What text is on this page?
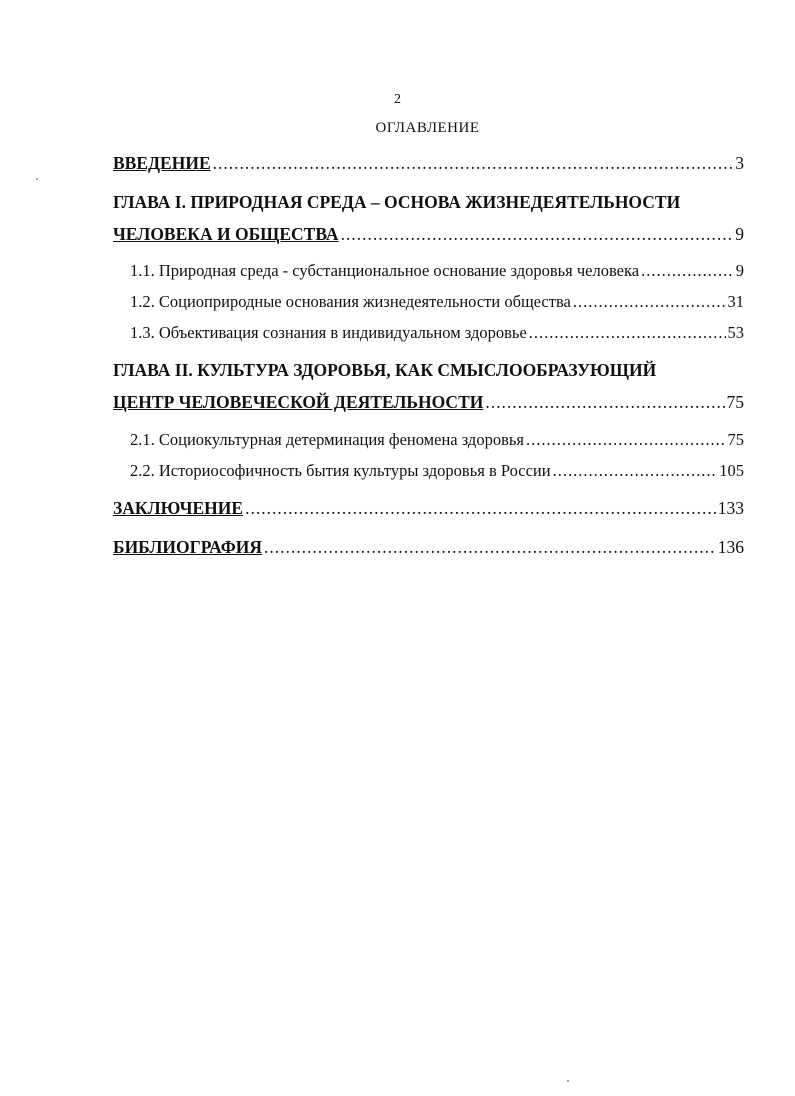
2
ОГЛАВЛЕНИЕ
ВВЕДЕНИЕ .....	3
ГЛАВА I. ПРИРОДНАЯ СРЕДА – ОСНОВА ЖИЗНЕДЕЯТЕЛЬНОСТИ
ЧЕЛОВЕКА И ОБЩЕСТВА .....	9
1.1. Природная среда - субстанциональное основание здоровья человека .....	9
1.2. Социоприродные основания жизнедеятельности общества .....	31
1.3. Объективация сознания в индивидуальном здоровье .....	53
ГЛАВА II. КУЛЬТУРА ЗДОРОВЬЯ, КАК СМЫСЛООБРАЗУЮЩИЙ
ЦЕНТР ЧЕЛОВЕЧЕСКОЙ ДЕЯТЕЛЬНОСТИ .....	75
2.1. Социокультурная детерминация феномена здоровья .....	75
2.2. Историософичность бытия культуры здоровья в России .....	105
ЗАКЛЮЧЕНИЕ .....	133
БИБЛИОГРАФИЯ .....	136
